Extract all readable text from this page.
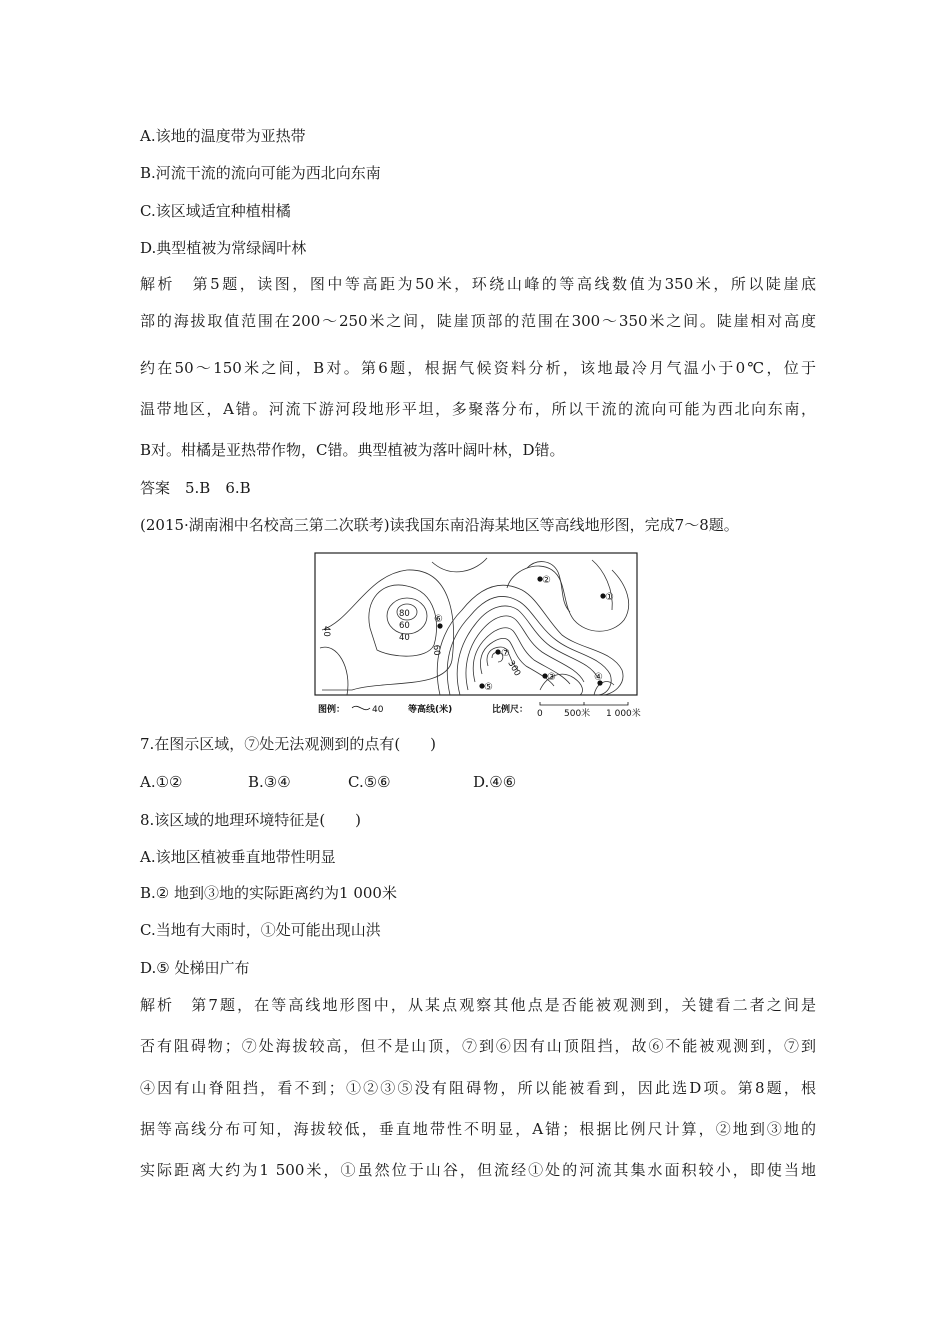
A.该地的温度带为亚热带
B.河流干流的流向可能为西北向东南
C.该区域适宜种植柑橘
D.典型植被为常绿阔叶林
解析　第5题，读图，图中等高距为50米，环绕山峰的等高线数值为350米，所以陡崖底
部的海拔取值范围在200～250米之间，陡崖顶部的范围在300～350米之间。陡崖相对高度
约在50～150米之间，B对。第6题，根据气候资料分析，该地最冷月气温小于0℃，位于
温带地区，A错。河流下游河段地形平坦，多聚落分布，所以干流的流向可能为西北向东南，
B对。柑橘是亚热带作物，C错。典型植被为落叶阔叶林，D错。
答案　5.B　6.B
(2015·湖南湘中名校高三第二次联考)读我国东南沿海某地区等高线地形图，完成7～8题。
80
60
40
40
60
300
①
②
③	④
⑤
⑥
⑦
图例：	40	等高线(米)	比例尺： 0 500米 1 000米
7.在图示区域，⑦处无法观测到的点有(　　)
A.①②	B.③④	C.⑤⑥	D.④⑥
8.该区域的地理环境特征是(　　)
A.该地区植被垂直地带性明显
B.② 地到③地的实际距离约为1 000米
C.当地有大雨时，①处可能出现山洪
D.⑤ 处梯田广布
解析　第7题，在等高线地形图中，从某点观察其他点是否能被观测到，关键看二者之间是
否有阻碍物；⑦处海拔较高，但不是山顶，⑦到⑥因有山顶阻挡，故⑥不能被观测到，⑦到
④因有山脊阻挡，看不到；①②③⑤没有阻碍物，所以能被看到，因此选D项。第8题，根
据等高线分布可知，海拔较低，垂直地带性不明显，A错；根据比例尺计算，②地到③地的
实际距离大约为1 500米，①虽然位于山谷，但流经①处的河流其集水面积较小，即使当地
